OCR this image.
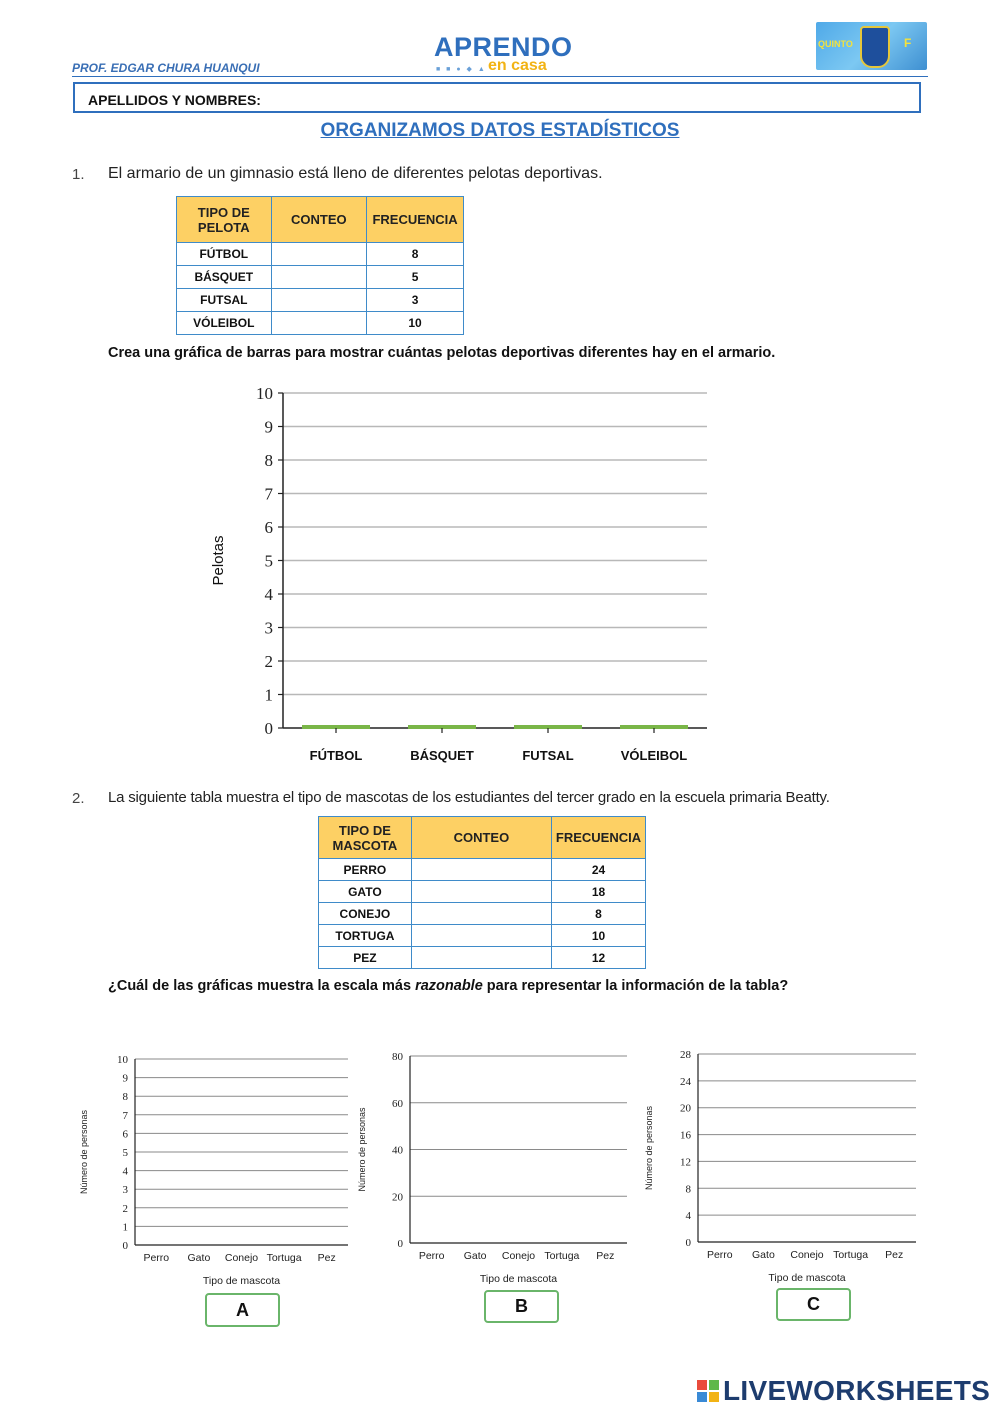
PROF. EDGAR CHURA HUANQUI
APRENDO
■ ■ ● ◆ ▲ en casa
QUINTO	F
APELLIDOS Y NOMBRES:
ORGANIZAMOS DATOS ESTADÍSTICOS
1. El armario de un gimnasio está lleno de diferentes pelotas deportivas.
TIPO DE PELOTA	CONTEO	FRECUENCIA
FÚTBOL		8
BÁSQUET		5
FUTSAL		3
VÓLEIBOL		10
Crea una gráfica de barras para mostrar cuántas pelotas deportivas diferentes hay en el armario.
0
1
2
3
4
5
6
7
8
9
10
FÚTBOL	BÁSQUET	FUTSAL	VÓLEIBOL
Pelotas
2. La siguiente tabla muestra el tipo de mascotas de los estudiantes del tercer grado en la escuela primaria Beatty.
TIPO DE MASCOTA	CONTEO	FRECUENCIA
PERRO		24
GATO		18
CONEJO		8
TORTUGA		10
PEZ		12
¿Cuál de las gráficas muestra la escala más razonable para representar la información de la tabla?
0
1
2
3
4
5
6
7
8
9
10
Perro Gato Conejo Tortuga Pez
Tipo de mascota
Número de personas
0
20
40
60
80
Perro Gato Conejo Tortuga Pez
Tipo de mascota
Número de personas
0
4
8
12
16
20
24
28
Perro Gato Conejo Tortuga Pez
Tipo de mascota
Número de personas
A	B	C
LIVEWORKSHEETS
